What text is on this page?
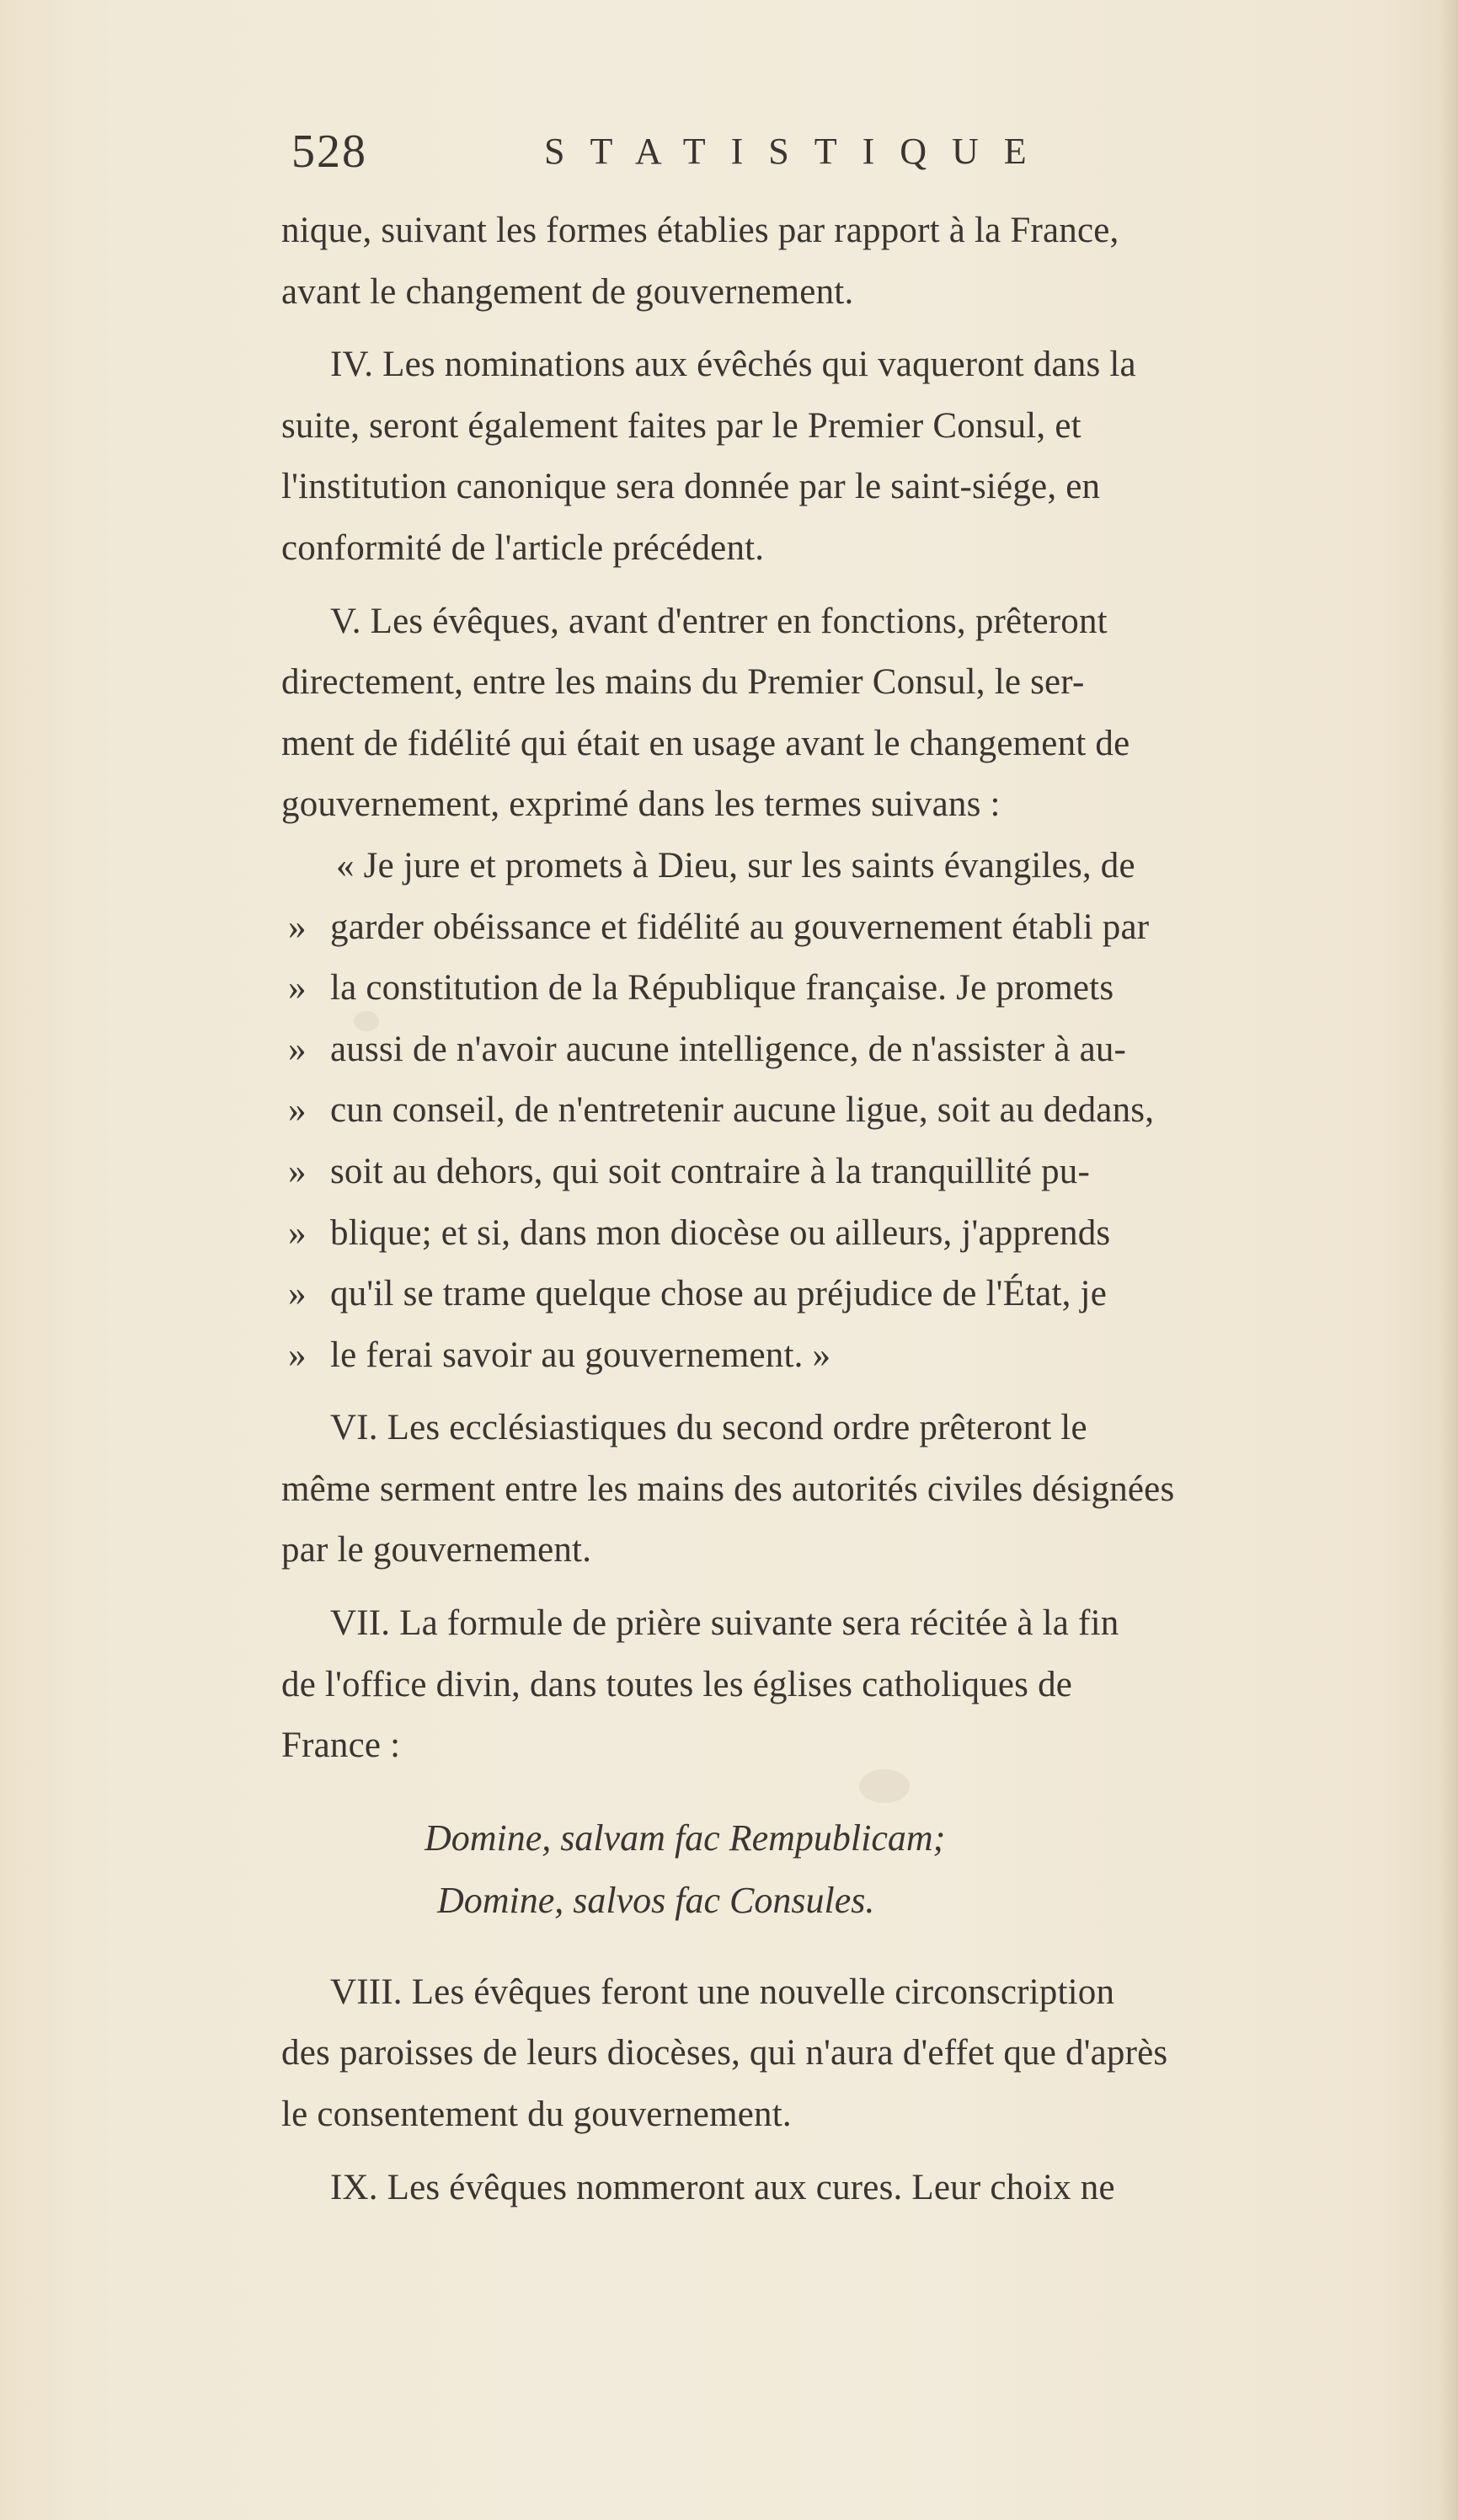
528	STATISTIQUE
nique, suivant les formes établies par rapport à la France,
avant le changement de gouvernement.
IV. Les nominations aux évêchés qui vaqueront dans la
suite, seront également faites par le Premier Consul, et
l'institution canonique sera donnée par le saint-siége, en
conformité de l'article précédent.
V. Les évêques, avant d'entrer en fonctions, prêteront
directement, entre les mains du Premier Consul, le ser-
ment de fidélité qui était en usage avant le changement de
gouvernement, exprimé dans les termes suivans :
« Je jure et promets à Dieu, sur les saints évangiles, de
» garder obéissance et fidélité au gouvernement établi par
» la constitution de la République française. Je promets
» aussi de n'avoir aucune intelligence, de n'assister à au-
» cun conseil, de n'entretenir aucune ligue, soit au dedans,
» soit au dehors, qui soit contraire à la tranquillité pu-
» blique; et si, dans mon diocèse ou ailleurs, j'apprends
» qu'il se trame quelque chose au préjudice de l'État, je
» le ferai savoir au gouvernement. »
VI. Les ecclésiastiques du second ordre prêteront le
même serment entre les mains des autorités civiles désignées
par le gouvernement.
VII. La formule de prière suivante sera récitée à la fin
de l'office divin, dans toutes les églises catholiques de
France :
Domine, salvam fac Rempublicam;
Domine, salvos fac Consules.
VIII. Les évêques feront une nouvelle circonscription
des paroisses de leurs diocèses, qui n'aura d'effet que d'après
le consentement du gouvernement.
IX. Les évêques nommeront aux cures. Leur choix ne
